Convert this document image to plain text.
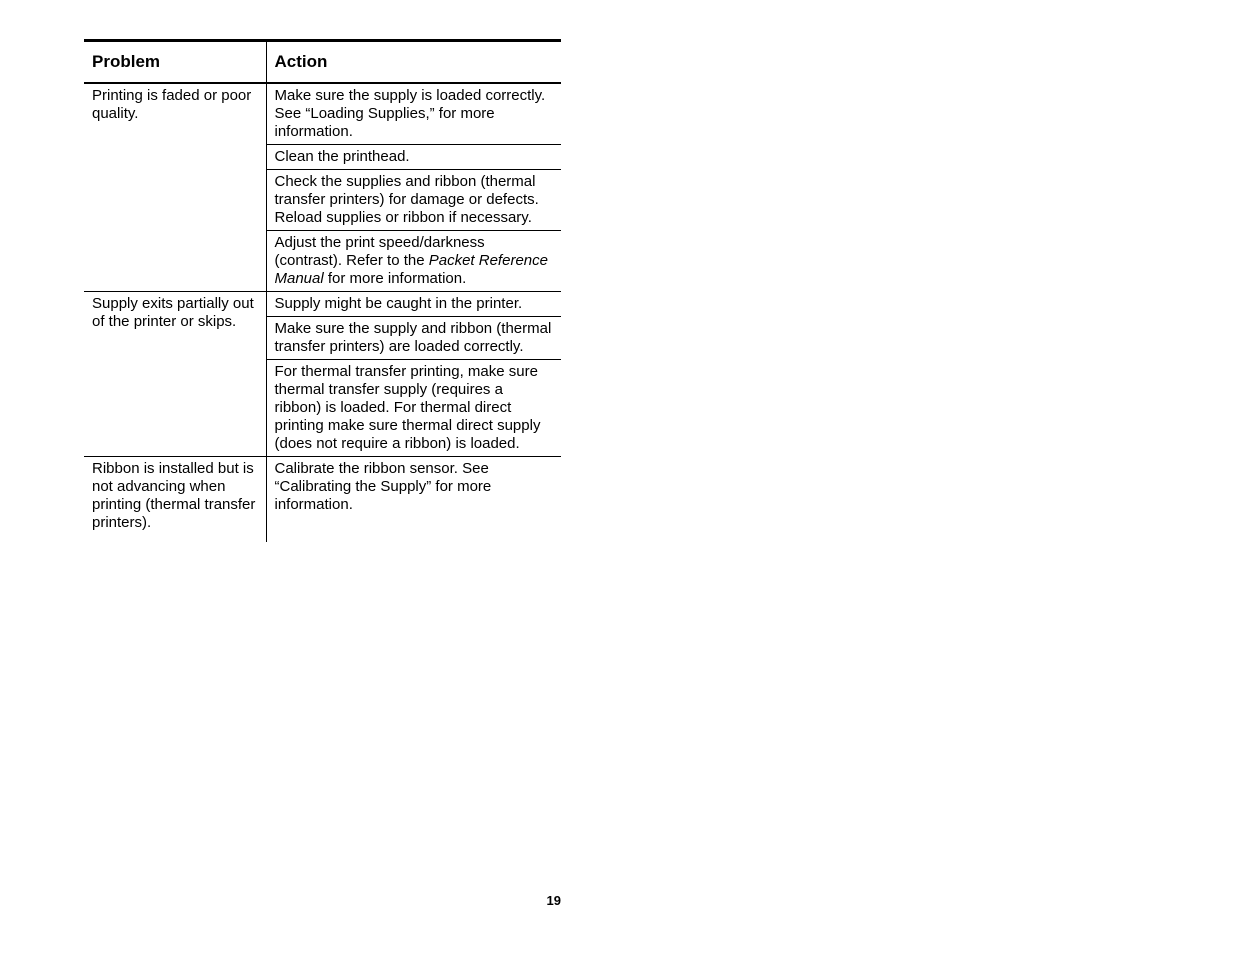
Problem	Action
Printing is faded or poor quality.	Make sure the supply is loaded correctly. See “Loading Supplies,” for more information.
	Clean the printhead.
	Check the supplies and ribbon (thermal transfer printers) for damage or defects. Reload supplies or ribbon if necessary.
	Adjust the print speed/darkness (contrast). Refer to the Packet Reference Manual for more information.
Supply exits partially out of the printer or skips.	Supply might be caught in the printer.
	Make sure the supply and ribbon (thermal transfer printers) are loaded correctly.
	For thermal transfer printing, make sure thermal transfer supply (requires a ribbon) is loaded. For thermal direct printing make sure thermal direct supply (does not require a ribbon) is loaded.
Ribbon is installed but is not advancing when printing (thermal transfer printers).	Calibrate the ribbon sensor. See “Calibrating the Supply” for more information.
19
